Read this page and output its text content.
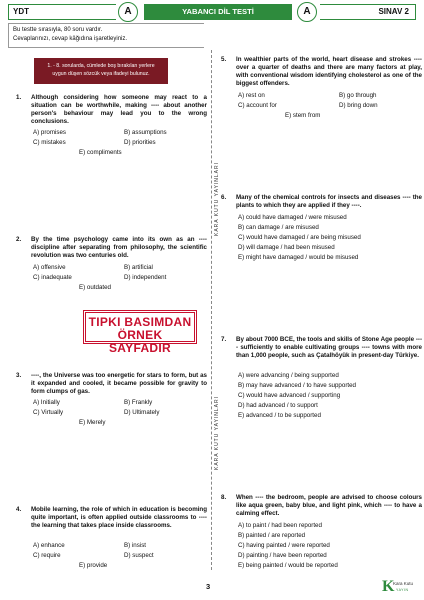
YDT	A	YABANCI DİL TESTİ	A	SINAV 2
Bu testte sırasıyla, 80 soru vardır.
Cevaplarınızı, cevap kâğıdına işaretleyiniz.
1. - 8. sorularda, cümlede boş bırakılan yerlere
uygun düşen sözcük veya ifadeyi bulunuz.
KARA KUTU YAYINLARI
KARA KUTU YAYINLARI
1. Although considering how someone may react to a situation can be worthwhile, making ---- about another person's behaviour may lead you to the wrong conclusions.
A) promises	B) assumptions
C) mistakes	D) priorities
E) compliments
2. By the time psychology came into its own as an ---- discipline after separating from philosophy, the scientific revolution was two centuries old.
A) offensive	B) artificial
C) inadequate	D) independent
E) outdated
TIPKI BASIMDAN
ÖRNEK SAYFADIR
3. ----, the Universe was too energetic for stars to form, but as it expanded and cooled, it became possible for gravity to form clumps of gas.
A) Initially	B) Frankly
C) Virtually	D) Ultimately
E) Merely
4. Mobile learning, the role of which in education is becoming quite important, is often applied outside classrooms to ---- the learning that takes place inside classrooms.
A) enhance	B) insist
C) require	D) suspect
E) provide
5. In wealthier parts of the world, heart disease and strokes ---- over a quarter of deaths and there are many factors at play, with conventional wisdom identifying cholesterol as one of the biggest offenders.
A) rest on	B) go through
C) account for	D) bring down
E) stem from
6. Many of the chemical controls for insects and diseases ---- the plants to which they are applied if they ----.
A) could have damaged / were misused
B) can damage / are misused
C) would have damaged / are being misused
D) will damage / had been misused
E) might have damaged / would be misused
7. By about 7000 BCE, the tools and skills of Stone Age people ---- sufficiently to enable cultivating groups ---- towns with more than 1,000 people, such as Çatalhöyük in present-day Türkiye.
A) were advancing / being supported
B) may have advanced / to have supported
C) would have advanced / supporting
D) had advanced / to support
E) advanced / to be supported
8. When ---- the bedroom, people are advised to choose colours like aqua green, baby blue, and light pink, which ---- to have a calming effect.
A) to paint / had been reported
B) painted / are reported
C) having painted / were reported
D) painting / have been reported
E) being painted / would be reported
3	K
Kara Kutu
YAYIN
